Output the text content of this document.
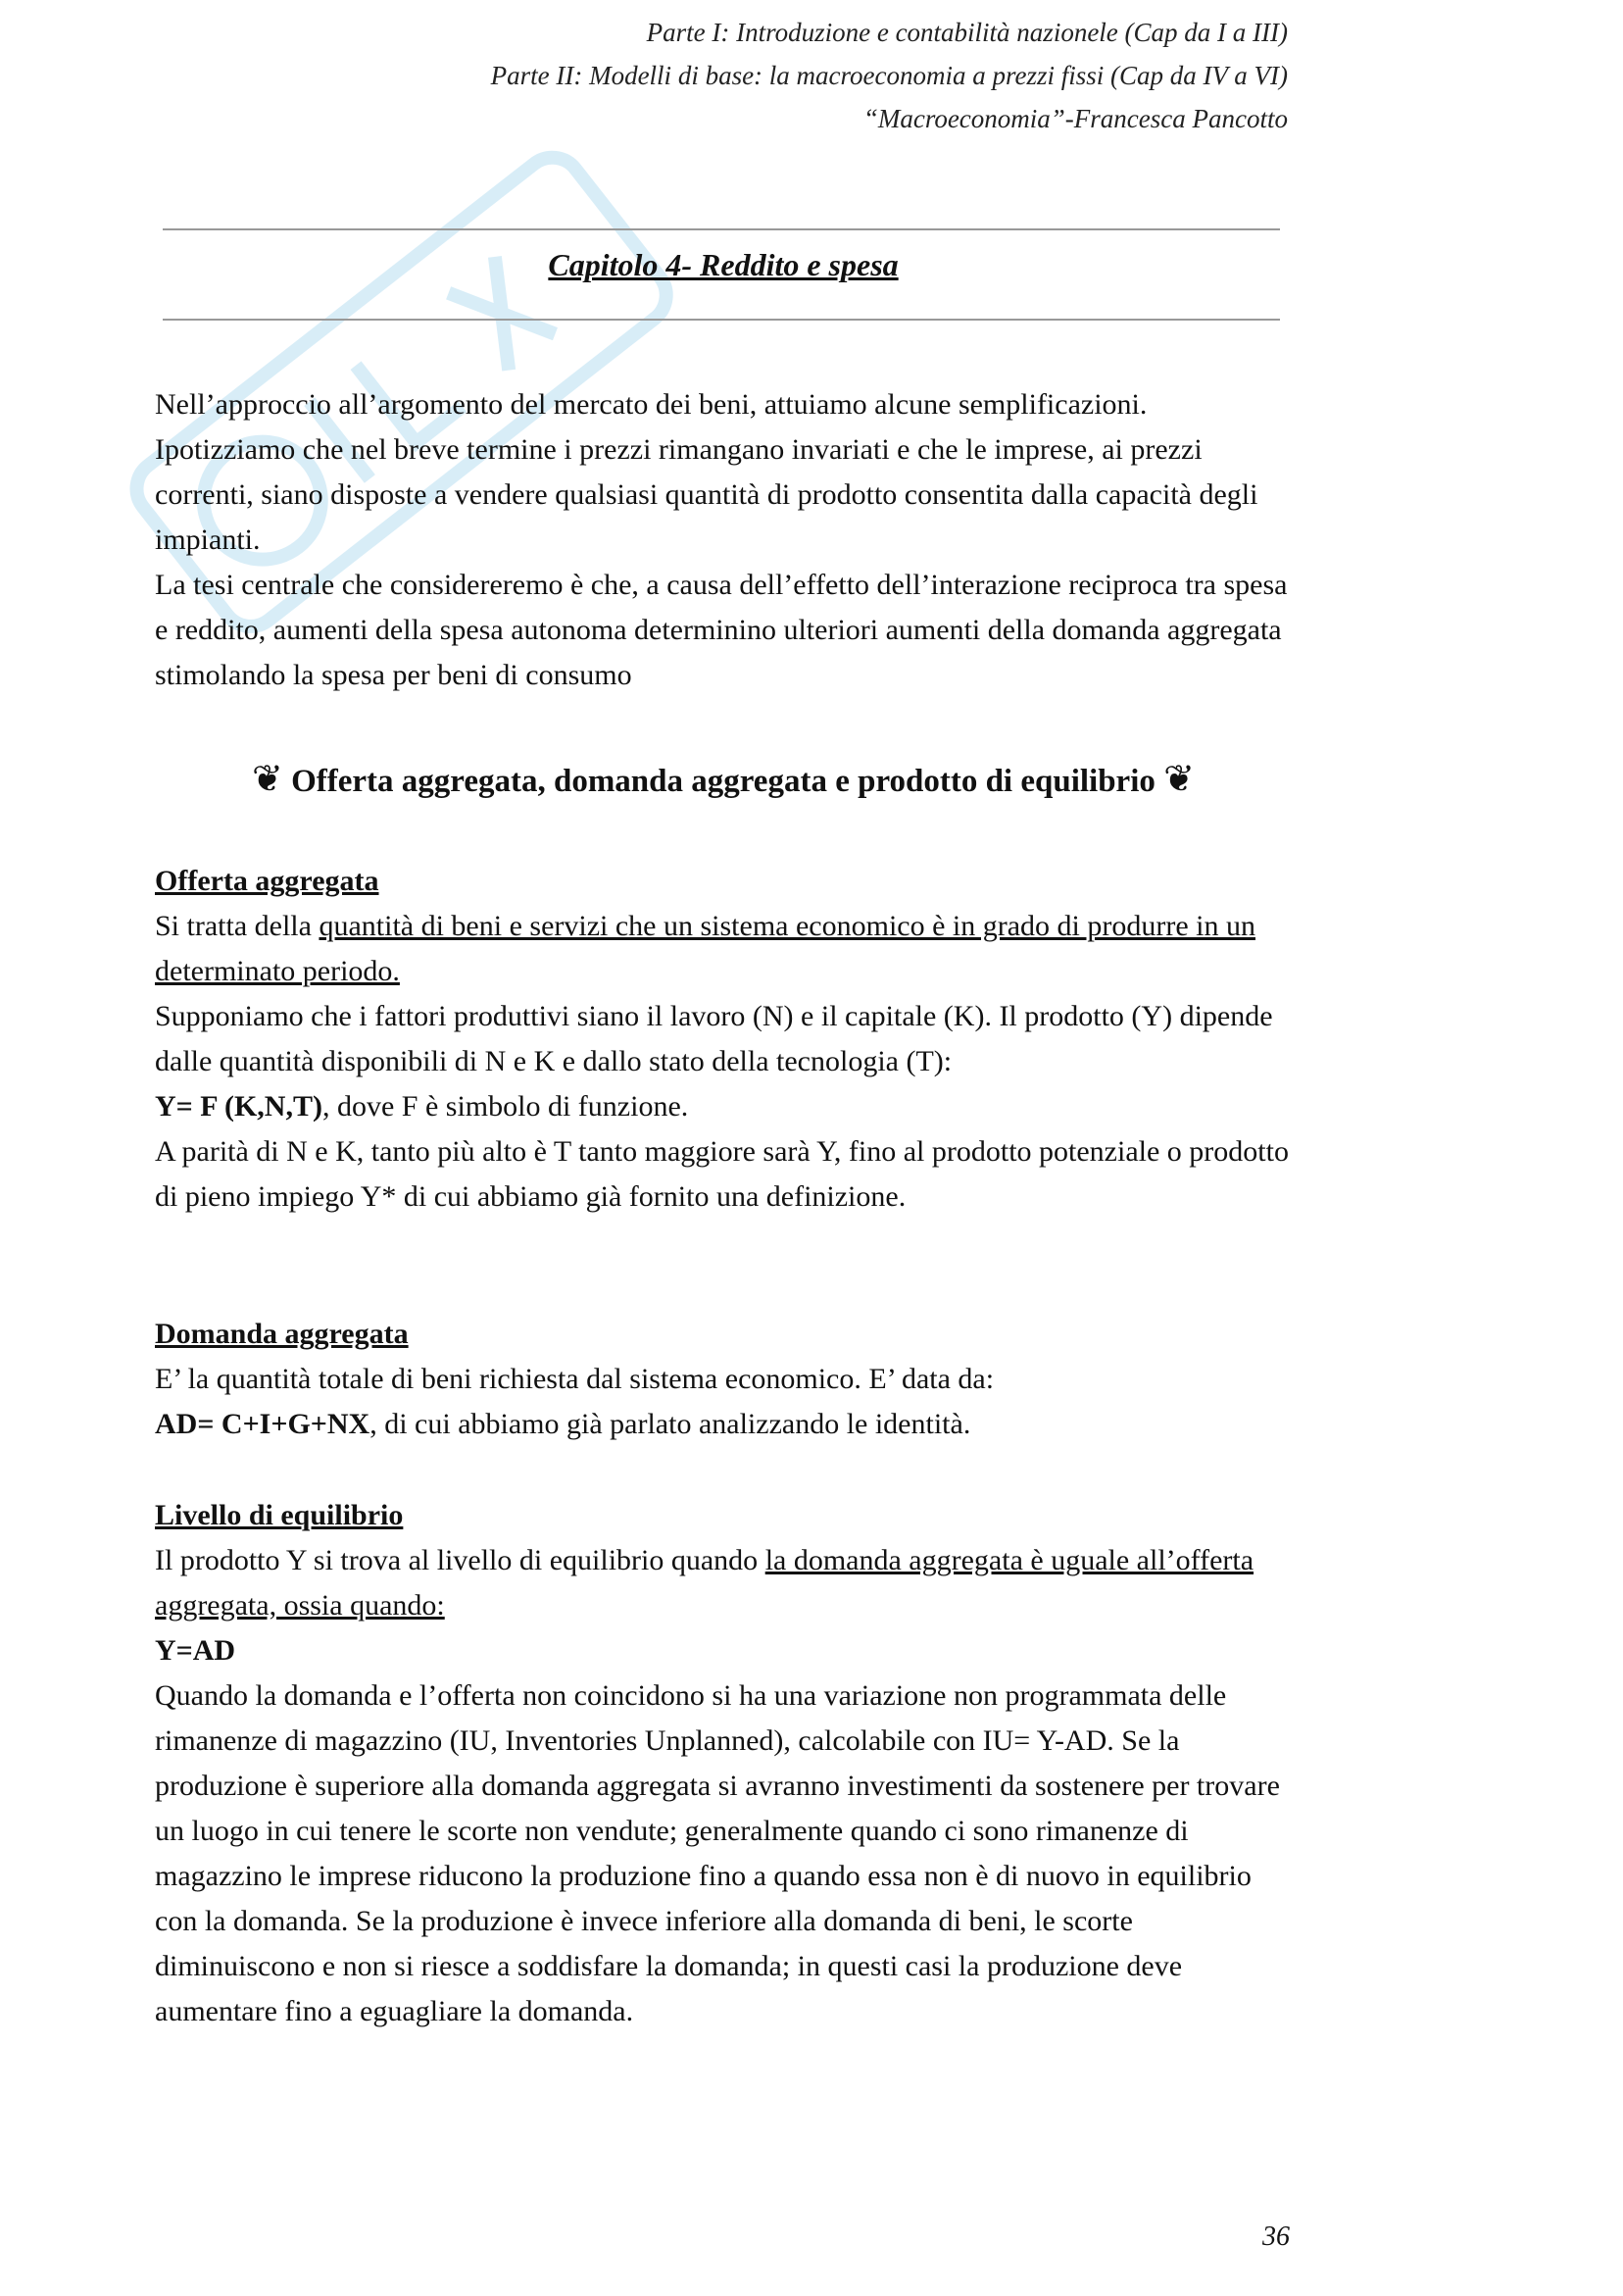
Parte I: Introduzione e contabilità nazionele (Cap da I a III)
Parte II: Modelli di base: la macroeconomia a prezzi fissi (Cap da IV a VI)
“Macroeconomia”-Francesca Pancotto
Capitolo 4- Reddito e spesa

Nell’approccio all’argomento del mercato dei beni, attuiamo alcune semplificazioni. Ipotizziamo che nel breve termine i prezzi rimangano invariati e che le imprese, ai prezzi correnti, siano disposte a vendere qualsiasi quantità di prodotto consentita dalla capacità degli impianti.

La tesi centrale che considereremo è che, a causa dell’effetto dell’interazione reciproca tra spesa e reddito, aumenti della spesa autonoma determinino ulteriori aumenti della domanda aggregata stimolando la spesa per beni di consumo

❦ Offerta aggregata, domanda aggregata e prodotto di equilibrio ❦

Offerta aggregata

Si tratta della quantità di beni e servizi che un sistema economico è in grado di produrre in un determinato periodo.

Supponiamo che i fattori produttivi siano il lavoro (N) e il capitale (K). Il prodotto (Y) dipende dalle quantità disponibili di N e K e dallo stato della tecnologia (T):

Y= F (K,N,T), dove F è simbolo di funzione.

A parità di N e K, tanto più alto è T tanto maggiore sarà Y, fino al prodotto potenziale o prodotto di pieno impiego Y* di cui abbiamo già fornito una definizione.

Domanda aggregata

E’ la quantità totale di beni richiesta dal sistema economico. E’ data da:

AD= C+I+G+NX, di cui abbiamo già parlato analizzando le identità.

Livello di equilibrio

Il prodotto Y si trova al livello di equilibrio quando la domanda aggregata è uguale all’offerta aggregata, ossia quando:

Y=AD

Quando la domanda e l’offerta non coincidono si ha una variazione non programmata delle rimanenze di magazzino (IU, Inventories Unplanned), calcolabile con IU= Y-AD. Se la produzione è superiore alla domanda aggregata si avranno investimenti da sostenere per trovare un luogo in cui tenere le scorte non vendute; generalmente quando ci sono rimanenze di magazzino le imprese riducono la produzione fino a quando essa non è di nuovo in equilibrio con la domanda. Se la produzione è invece inferiore alla domanda di beni, le scorte diminuiscono e non si riesce a soddisfare la domanda; in questi casi la produzione deve aumentare fino a eguagliare la domanda.

36
